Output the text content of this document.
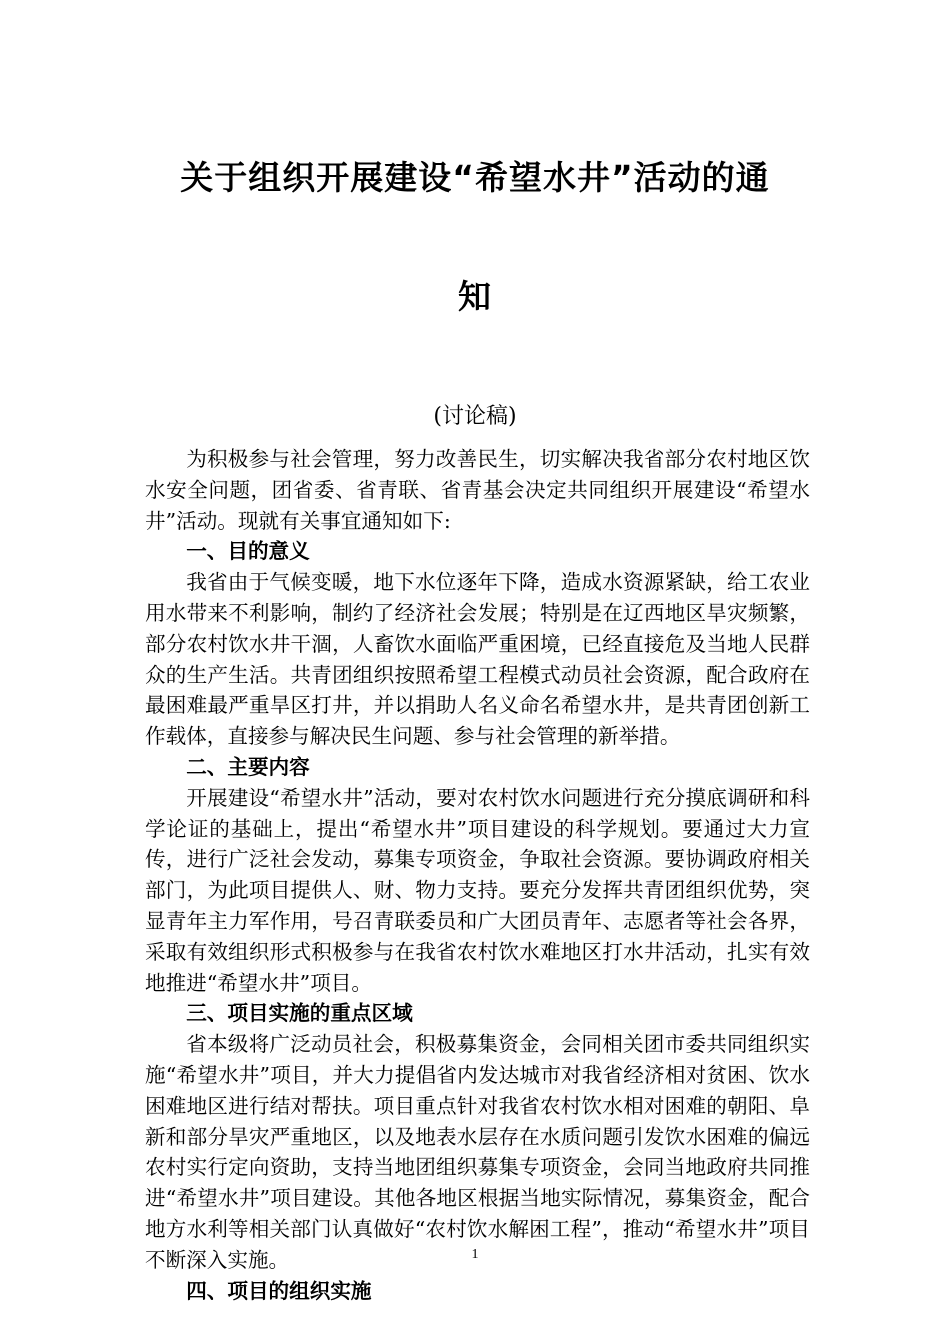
关于组织开展建设“希望水井”活动的通
知
(讨论稿)

为积极参与社会管理，努力改善民生，切实解决我省部分农村地区饮水安全问题，团省委、省青联、省青基会决定共同组织开展建设“希望水井”活动。现就有关事宜通知如下:

一、目的意义

我省由于气候变暖，地下水位逐年下降，造成水资源紧缺，给工农业用水带来不利影响，制约了经济社会发展；特别是在辽西地区旱灾频繁，部分农村饮水井干涸，人畜饮水面临严重困境，已经直接危及当地人民群众的生产生活。共青团组织按照希望工程模式动员社会资源，配合政府在最困难最严重旱区打井，并以捐助人名义命名希望水井，是共青团创新工作载体，直接参与解决民生问题、参与社会管理的新举措。

二、主要内容

开展建设“希望水井”活动，要对农村饮水问题进行充分摸底调研和科学论证的基础上，提出“希望水井”项目建设的科学规划。要通过大力宣传，进行广泛社会发动，募集专项资金，争取社会资源。要协调政府相关部门，为此项目提供人、财、物力支持。要充分发挥共青团组织优势，突显青年主力军作用，号召青联委员和广大团员青年、志愿者等社会各界，采取有效组织形式积极参与在我省农村饮水难地区打水井活动，扎实有效地推进“希望水井”项目。

三、项目实施的重点区域

省本级将广泛动员社会，积极募集资金，会同相关团市委共同组织实施“希望水井”项目，并大力提倡省内发达城市对我省经济相对贫困、饮水困难地区进行结对帮扶。项目重点针对我省农村饮水相对困难的朝阳、阜新和部分旱灾严重地区，以及地表水层存在水质问题引发饮水困难的偏远农村实行定向资助，支持当地团组织募集专项资金，会同当地政府共同推进“希望水井”项目建设。其他各地区根据当地实际情况，募集资金，配合地方水利等相关部门认真做好“农村饮水解困工程”，推动“希望水井”项目不断深入实施。

四、项目的组织实施

1
